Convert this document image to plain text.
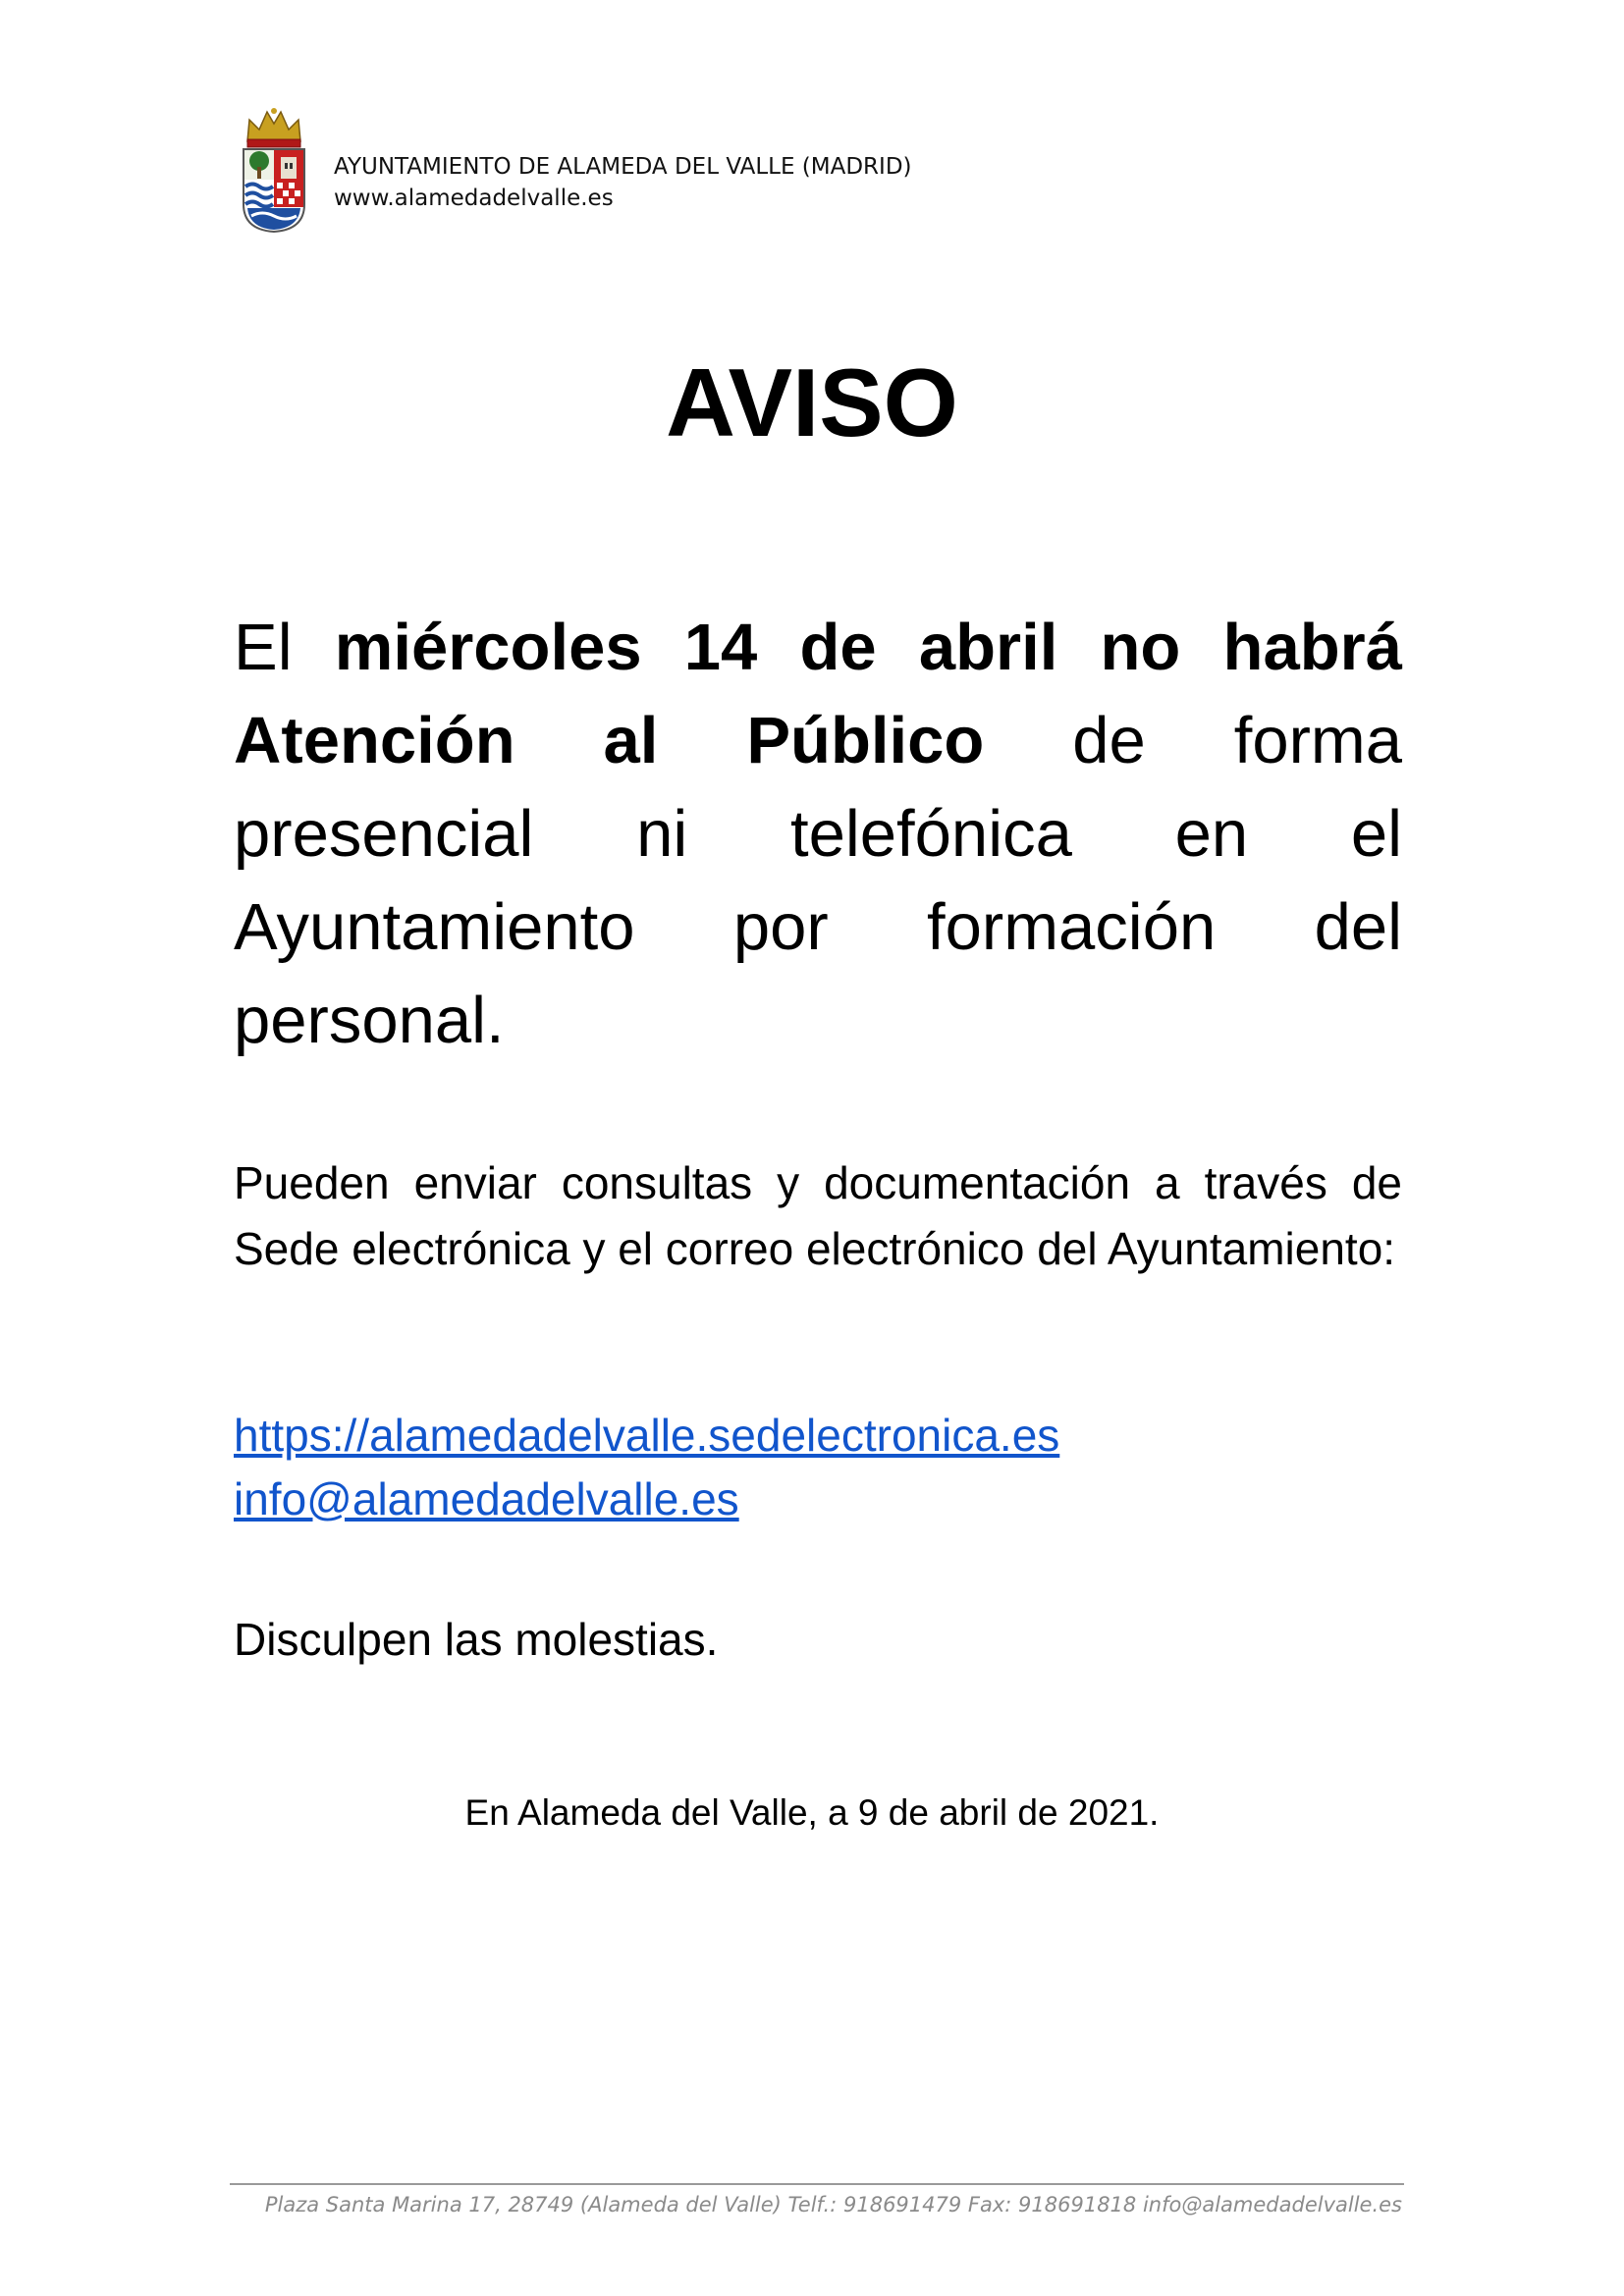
AYUNTAMIENTO DE ALAMEDA DEL VALLE (MADRID)
www.alamedadelvalle.es
AVISO

El miércoles 14 de abril no habrá Atención al Público de forma presencial ni telefónica en el Ayuntamiento por formación del personal.

Pueden enviar consultas y documentación a través de Sede electrónica y el correo electrónico del Ayuntamiento:

https://alamedadelvalle.sedelectronica.es
info@alamedadelvalle.es
Disculpen las molestias.
En Alameda del Valle, a 9 de abril de 2021.
Plaza Santa Marina 17, 28749 (Alameda del Valle) Telf.: 918691479 Fax: 918691818 info@alamedadelvalle.es
